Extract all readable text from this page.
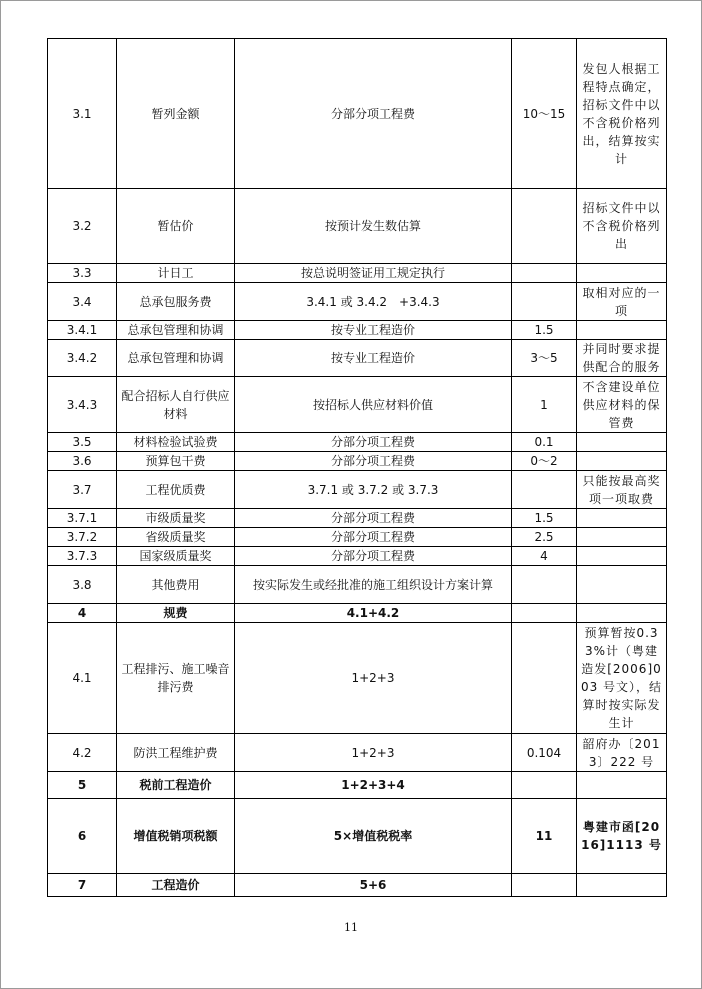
3.1	暂列金额	分部分项工程费	10～15	发包人根据工程特点确定，招标文件中以不含税价格列出，结算按实计
3.2	暂估价	按预计发生数估算		招标文件中以不含税价格列出
3.3	计日工	按总说明签证用工规定执行		
3.4	总承包服务费	3.4.1 或 3.4.2　+3.4.3		取相对应的一项
3.4.1	总承包管理和协调	按专业工程造价	1.5	
3.4.2	总承包管理和协调	按专业工程造价	3～5	并同时要求提供配合的服务
3.4.3	配合招标人自行供应材料	按招标人供应材料价值	1	不含建设单位供应材料的保管费
3.5	材料检验试验费	分部分项工程费	0.1	
3.6	预算包干费	分部分项工程费	0～2	
3.7	工程优质费	3.7.1 或 3.7.2 或 3.7.3		只能按最高奖项一项取费
3.7.1	市级质量奖	分部分项工程费	1.5	
3.7.2	省级质量奖	分部分项工程费	2.5	
3.7.3	国家级质量奖	分部分项工程费	4	
3.8	其他费用	按实际发生或经批准的施工组织设计方案计算		
4	规费	4.1+4.2		
4.1	工程排污、施工噪音排污费	1+2+3		预算暂按0.33%计（粤建造发[2006]003 号文），结算时按实际发生计
4.2	防洪工程维护费	1+2+3	0.104	韶府办〔2013〕222 号
5	税前工程造价	1+2+3+4		
6	增值税销项税额	5×增值税税率	11	粤建市函[2016]1113 号
7	工程造价	5+6		
11
